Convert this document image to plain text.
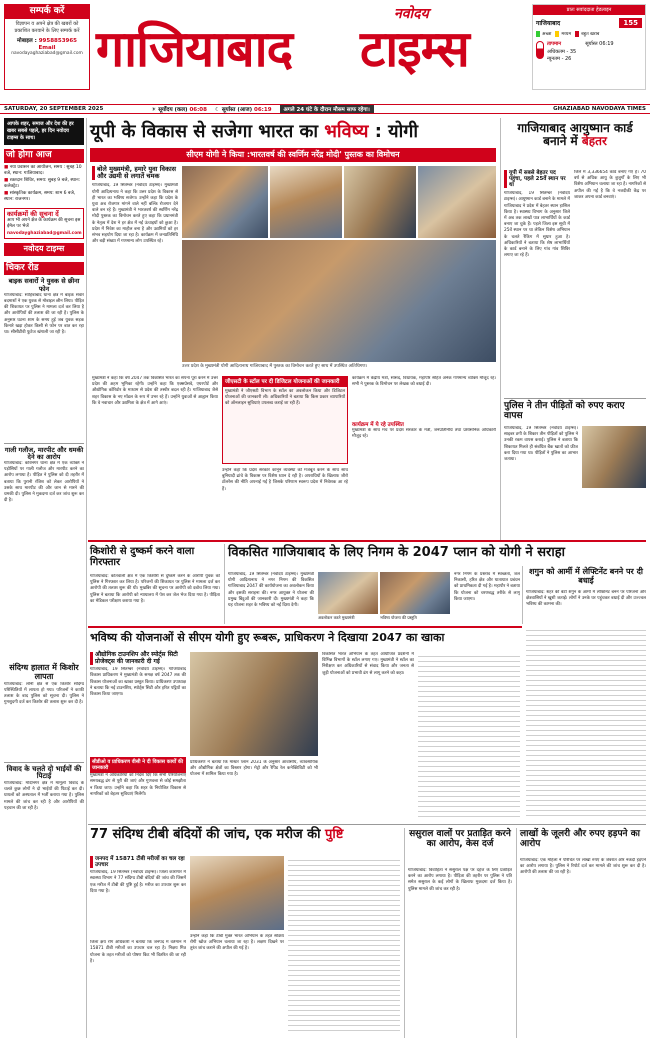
सम्पर्क करें
विज्ञापन व अपने क्षेत्र की खबरों को प्रकाशित करवाने के लिए सम्पर्क करें
मोबाइल : 9958853965
Email
navodayaghaziabad@gmail.com
नवोदय
गाजियाबाद टाइम्स
प्रातः सवांददाता हेडलाइन
गाजियाबाद	155
अच्छा	मध्यम	बहुत खराब
तापमान
अधिकतम - 35
न्यूनतम - 26
सूर्यास्त 06:19
SATURDAY, 20 SEPTEMBER 2025	☀ सूर्योदय (कल) 06:08 ☾ सूर्यास्त (आज) 06:19	अगले 24 घंटे के दौरान मौसम साफ रहेगा।	GHAZIABAD NAVODAYA TIMES
आपके शहर, समाज और देश की हर खबर सबसे पहले, हर दिन नवोदय टाइम्स के साथ।
जो होगा आज
■ नया प्रवासन का आयोजन, समय : सुबह 10 बजे, स्थान: गाजियाबाद।
■ रक्तदान शिविर, समय: सुबह 9 बजे, स्थान: कलेक्ट्रेट।
■ सांस्कृतिक कार्यक्रम, समय: शाम 6 बजे, स्थान: राजनगर।
कार्यक्रमों की सूचना दें
आप भी अपने क्षेत्र के कार्यक्रम की सूचना इस ईमेल पर भेजें
navodayghaziabad@gmail.com
नवोदय टाइम्स
चिकर रीड
बाइक सवारों ने युवक से छीना फोन
गाजियाबाद: साहिबाबाद थाना क्षेत्र में बाइक सवार बदमाशों ने एक युवक से मोबाइल छीन लिया। पीड़ित की शिकायत पर पुलिस ने मामला दर्ज कर लिया है और आरोपियों की तलाश की जा रही है। पुलिस के अनुसार घटना शाम के समय हुई जब युवक सड़क किनारे खड़ा होकर किसी से फोन पर बात कर रहा था। सीसीटीवी फुटेज खंगाली जा रही है।
गाली गलौज, मारपीट और धमकी देने का आरोप
गाजियाबाद: कविनगर थाना क्षेत्र में एक व्यक्ति ने पड़ोसियों पर गाली गलौज और मारपीट करने का आरोप लगाया है। पीड़ित ने पुलिस को दी तहरीर में बताया कि पुरानी रंजिश को लेकर आरोपियों ने उसके साथ मारपीट की और जान से मारने की धमकी दी। पुलिस ने मुकदमा दर्ज कर जांच शुरू कर दी है।
संदिग्ध हालात में किशोर लापता
गाजियाबाद: लोनी क्षेत्र से एक किशोर संदिग्ध परिस्थितियों में लापता हो गया। परिजनों ने काफी तलाश के बाद पुलिस को सूचना दी। पुलिस ने गुमशुदगी दर्ज कर किशोर की तलाश शुरू कर दी है।
विवाद के चलते दो भाईयों की पिटाई
गाजियाबाद: मोदीनगर क्षेत्र में मामूली विवाद के चलते कुछ लोगों ने दो भाईयों की पिटाई कर दी। घायलों को अस्पताल में भर्ती कराया गया है। पुलिस मामले की जांच कर रही है और आरोपियों की पहचान की जा रही है।
यूपी के विकास से सजेगा भारत का भविष्य : योगी
सीएम योगी ने किया :भारतवर्ष की स्वर्णिम नरेंद्र मोदी' पुस्तक का विमोचन
बोले मुख्यमंत्री, हमारे युवा विकास और उद्यमी से लगातें चमक
गाजियाबाद, 19 सितम्बर (नवोदय टाइम्स)। मुख्यमंत्री योगी आदित्यनाथ ने कहा कि उत्तर प्रदेश के विकास से ही भारत का भविष्य सजेगा। उन्होंने कहा कि प्रदेश के युवा अब रोजगार मांगने वाले नहीं बल्कि रोजगार देने वाले बन रहे हैं। मुख्यमंत्री ने भारतवर्ष की स्वर्णिम नरेंद्र मोदी पुस्तक का विमोचन करते हुए कहा कि प्रधानमंत्री के नेतृत्व में देश ने हर क्षेत्र में नई ऊंचाइयों को छुआ है। प्रदेश में निवेश का माहौल बना है और उद्यमियों को हर संभव सहयोग दिया जा रहा है। कार्यक्रम में जनप्रतिनिधि और बड़ी संख्या में गणमान्य लोग उपस्थित रहे।
उत्तर प्रदेश के मुख्यमंत्री योगी आदित्यनाथ गाजियाबाद में पुस्तक का विमोचन करते हुए साथ में उपस्थित अतिथिगण।
मुख्यमंत्री ने कहा कि वर्ष 2047 तक विकसित भारत का सपना पूरा करने में उत्तर प्रदेश की अहम भूमिका रहेगी। उन्होंने कहा कि एक्सप्रेसवे, एयरपोर्ट और औद्योगिक कॉरिडोर के माध्यम से प्रदेश की तस्वीर बदल रही है। गाजियाबाद जैसे शहर विकास के नए मॉडल के रूप में उभर रहे हैं। उन्होंने युवाओं से आह्वान किया कि वे नवाचार और उद्यमिता के क्षेत्र में आगे आएं।
जीएसटी के स्टॉल पर दी डिजिटल योजनाओं की जानकारी
मुख्यमंत्री ने जीएसटी विभाग के स्टॉल का अवलोकन किया और डिजिटल योजनाओं की जानकारी ली। अधिकारियों ने बताया कि किस प्रकार व्यापारियों को ऑनलाइन सुविधाएं उपलब्ध कराई जा रही हैं।
उन्होंने कहा कि प्रदेश सरकार कानून व्यवस्था को मजबूत करने के साथ साथ बुनियादी ढांचे के विकास पर विशेष ध्यान दे रही है। अपराधियों के खिलाफ जीरो टॉलरेंस की नीति अपनाई गई है जिसके परिणाम स्वरूप प्रदेश में निवेशक आ रहे हैं।
कार्यक्रम में केंद्रीय मंत्री, सांसद, विधायक, महापौर सहित अनेक गणमान्य व्यक्ति मौजूद रहे। सभी ने पुस्तक के विमोचन पर लेखक को बधाई दी।
कार्यक्रम में ये रहे उपस्थित
मुख्यमंत्री के साथ मंच पर प्रदेश सरकार के मंत्री, जनप्रतिनिधि तथा प्रशासनिक अधिकारी मौजूद रहे।
गाजियाबाद आयुष्मान कार्ड बनाने में बेहतर
यूपी में सबसे बेहतर पद पहुंचा, पहले 25वें स्थान पर था
गाजियाबाद, 19 सितम्बर (नवोदय टाइम्स)। आयुष्मान कार्ड बनाने के मामले में गाजियाबाद ने प्रदेश में बेहतर स्थान हासिल किया है। स्वास्थ्य विभाग के अनुसार जिले में अब तक लाखों पात्र लाभार्थियों के कार्ड बनाए जा चुके हैं। पहले जिला इस सूची में 25वें स्थान पर था लेकिन विशेष अभियान के चलते रैंकिंग में सुधार हुआ है। अधिकारियों ने बताया कि शेष लाभार्थियों के कार्ड बनाने के लिए गांव गांव शिविर लगाए जा रहे हैं।
जिले में 3,336654 कार्ड बनाए गए हैं। 70 वर्ष से अधिक आयु के बुजुर्गों के लिए भी विशेष अभियान चलाया जा रहा है। नागरिकों से अपील की गई है कि वे नजदीकी केंद्र पर जाकर अपना कार्ड बनवाएं।
पुलिस ने तीन पीड़ितों को रुपए कराए वापस
गाजियाबाद, 19 सितम्बर (नवोदय टाइम्स)। साइबर ठगी के शिकार तीन पीड़ितों को पुलिस ने उनकी रकम वापस कराई। पुलिस ने बताया कि शिकायत मिलते ही संबंधित बैंक खातों को फ्रीज करा दिया गया था। पीड़ितों ने पुलिस का आभार जताया।
किशोरी से दुष्कर्म करने वाला गिरफ्तार
गाजियाबाद: कोतवाली क्षेत्र में एक किशोरी से दुष्कर्म करने के आरोपी युवक को पुलिस ने गिरफ्तार कर लिया है। परिजनों की शिकायत पर पुलिस ने मामला दर्ज कर आरोपी की तलाश शुरू की थी। मुखबिर की सूचना पर आरोपी को दबोच लिया गया। पुलिस ने बताया कि आरोपी को न्यायालय में पेश कर जेल भेज दिया गया है। पीड़िता का मेडिकल परीक्षण कराया गया है।
विकसित गाजियाबाद के लिए निगम के 2047 प्लान को योगी ने सराहा
गाजियाबाद, 19 सितम्बर (नवोदय टाइम्स)। मुख्यमंत्री योगी आदित्यनाथ ने नगर निगम की विकसित गाजियाबाद 2047 की कार्ययोजना का अवलोकन किया और इसकी सराहना की। नगर आयुक्त ने योजना की प्रमुख बिंदुओं की जानकारी दी। मुख्यमंत्री ने कहा कि यह योजना शहर के भविष्य को नई दिशा देगी।
अवलोकन करते मुख्यमंत्री	भविष्य योजना की प्रस्तुति
नगर निगम के प्रस्ताव में स्वच्छता, जल निकासी, हरित क्षेत्र और यातायात प्रबंधन को प्राथमिकता दी गई है। महापौर ने बताया कि योजना को चरणबद्ध तरीके से लागू किया जाएगा।
शगुन को आर्मी में लेफ्टिनेंट बनने पर दी बधाई
गाजियाबाद: शहर की बेटी शगुन के आर्मी में लेफ्टिनेंट बनने पर परिजनों और क्षेत्रवासियों ने खुशी जताई। लोगों ने उनके घर पहुंचकर बधाई दी और उज्ज्वल भविष्य की कामना की।
भविष्य की योजनाओं से सीएम योगी हुए रूबरू, प्राधिकरण ने दिखाया 2047 का खाका
औद्योगिक टाउनशिप और स्पोर्ट्स सिटी प्रोजेक्ट्स की जानकारी दी गई
गाजियाबाद, 19 सितम्बर (नवोदय टाइम्स)। गाजियाबाद विकास प्राधिकरण ने मुख्यमंत्री के समक्ष वर्ष 2047 तक की विकास योजनाओं का खाका प्रस्तुत किया। प्राधिकरण उपाध्यक्ष ने बताया कि नई टाउनशिप, स्पोर्ट्स सिटी और हरित पट्टियों का विकास किया जाएगा।
सीडीओ व प्राधिकरण वीसी ने दी विकास कार्यों की जानकारी
मुख्यमंत्री ने अधिकारियों को निर्देश दिए कि सभी परियोजनाएं समयबद्ध ढंग से पूरी की जाएं और गुणवत्ता से कोई समझौता न किया जाए। उन्होंने कहा कि शहर के नियोजित विकास से नागरिकों को बेहतर सुविधाएं मिलेंगी।
प्राधिकरण ने बताया कि मास्टर प्लान 2031 के अनुसार आवासीय, व्यावसायिक और औद्योगिक क्षेत्रों का विस्तार होगा। मेट्रो और रैपिड रेल कनेक्टिविटी को भी योजना में शामिल किया गया है।
विकसित भारत अभियान के तहत आयोजित प्रदर्शनी में विभिन्न विभागों के स्टॉल लगाए गए। मुख्यमंत्री ने स्टॉल का निरीक्षण कर अधिकारियों से संवाद किया और जनता से जुड़ी योजनाओं को प्रभावी ढंग से लागू करने को कहा।
77 संदिग्ध टीबी बंदियों की जांच, एक मरीज की पुष्टि
जनपद में 15871 टीबी मरीजों का चल रहा उपचार
गाजियाबाद, 19 सितम्बर (नवोदय टाइम्स)। जिला कारागार में स्वास्थ्य विभाग ने 77 संदिग्ध टीबी बंदियों की जांच की जिसमें एक मरीज में टीबी की पुष्टि हुई है। मरीज का उपचार शुरू कर दिया गया है।
जिला क्षय रोग अधिकारी ने बताया कि जनपद में वर्तमान में 15871 टीबी मरीजों का उपचार चल रहा है। निक्षय मित्र योजना के तहत मरीजों को पोषण किट भी वितरित की जा रही है।
उन्होंने कहा कि टीबी मुक्त भारत अभियान के तहत सक्रिय रोगी खोज अभियान चलाया जा रहा है। लक्षण दिखने पर तुरंत जांच कराने की अपील की गई है।
ससुराल वालों पर प्रताड़ित करने का आरोप, केस दर्ज
गाजियाबाद: विवाहिता ने ससुराल पक्ष पर दहेज के लिए प्रताड़ित करने का आरोप लगाया है। पीड़िता की तहरीर पर पुलिस ने पति समेत ससुराल के कई लोगों के खिलाफ मुकदमा दर्ज किया है। पुलिस मामले की जांच कर रही है।
लाखों के जूलरी और रुपए हड़पने का आरोप
गाजियाबाद: एक महिला ने परिचित पर लाखों रुपए के जेवरात और नकदी हड़पने का आरोप लगाया है। पुलिस ने रिपोर्ट दर्ज कर मामले की जांच शुरू कर दी है। आरोपी की तलाश की जा रही है।
